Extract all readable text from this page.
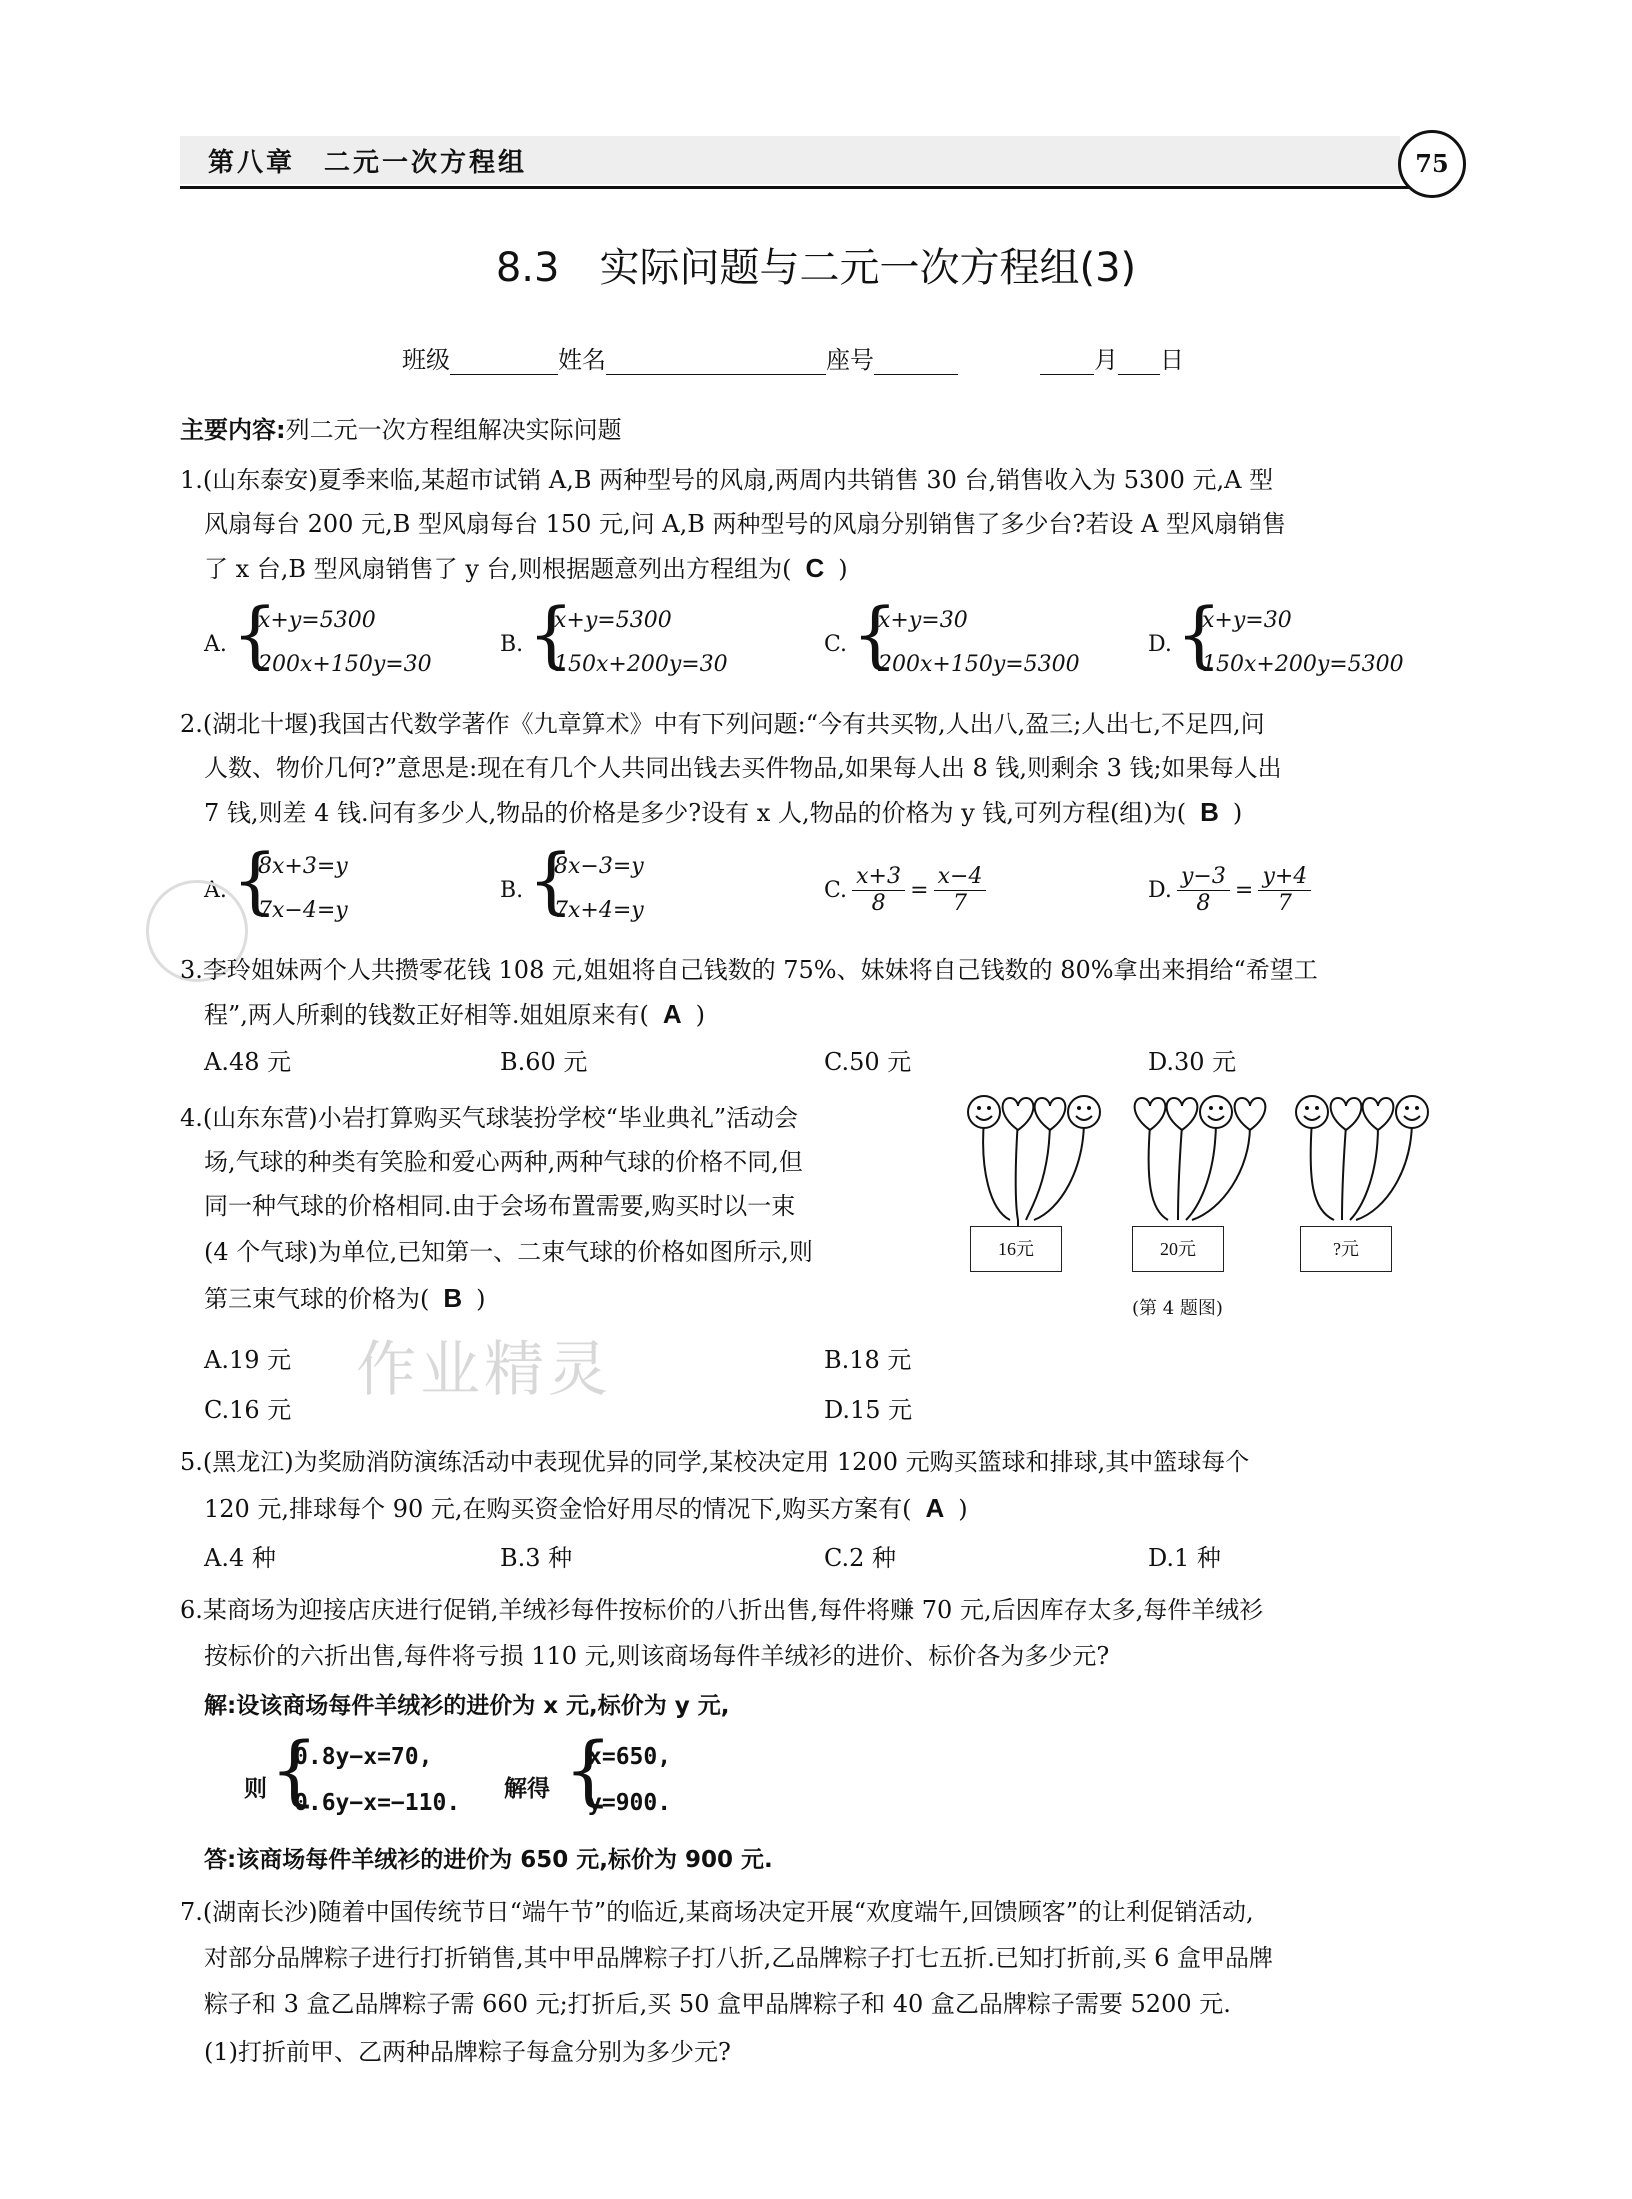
第八章　二元一次方程组	75
8.3　实际问题与二元一次方程组(3)
班级	姓名	座号	月 日
主要内容:列二元一次方程组解决实际问题
1.(山东泰安)夏季来临,某超市试销 A,B 两种型号的风扇,两周内共销售 30 台,销售收入为 5300 元,A 型
风扇每台 200 元,B 型风扇每台 150 元,问 A,B 两种型号的风扇分别销售了多少台?若设 A 型风扇销售
了 x 台,B 型风扇销售了 y 台,则根据题意列出方程组为( C )
A. {
x+y=5300
200x+150y=30
B. {
x+y=5300
150x+200y=30
C. {
x+y=30
200x+150y=5300
D. {
x+y=30
150x+200y=5300
2.(湖北十堰)我国古代数学著作《九章算术》中有下列问题:“今有共买物,人出八,盈三;人出七,不足四,问
人数、物价几何?”意思是:现在有几个人共同出钱去买件物品,如果每人出 8 钱,则剩余 3 钱;如果每人出
7 钱,则差 4 钱.问有多少人,物品的价格是多少?设有 x 人,物品的价格为 y 钱,可列方程(组)为( B )
A. {
8x+3=y
7x−4=y
B. {
8x−3=y
7x+4=y
C. $\frac{x+3}{8} = \frac{x-4}{7}$	D. $\frac{y-3}{8} = \frac{y+4}{7}$
3.李玲姐妹两个人共攒零花钱 108 元,姐姐将自己钱数的 75%、妹妹将自己钱数的 80%拿出来捐给“希望工
程”,两人所剩的钱数正好相等.姐姐原来有( A )
A.48 元	B.60 元	C.50 元	D.30 元
4.(山东东营)小岩打算购买气球装扮学校“毕业典礼”活动会
场,气球的种类有笑脸和爱心两种,两种气球的价格不同,但
同一种气球的价格相同.由于会场布置需要,购买时以一束
(4 个气球)为单位,已知第一、二束气球的价格如图所示,则
第三束气球的价格为( B )
16元	20元	?元
(第 4 题图)
A.19 元	B.18 元
C.16 元	D.15 元
作业精灵
5.(黑龙江)为奖励消防演练活动中表现优异的同学,某校决定用 1200 元购买篮球和排球,其中篮球每个
120 元,排球每个 90 元,在购买资金恰好用尽的情况下,购买方案有( A )
A.4 种	B.3 种	C.2 种	D.1 种
6.某商场为迎接店庆进行促销,羊绒衫每件按标价的八折出售,每件将赚 70 元,后因库存太多,每件羊绒衫
按标价的六折出售,每件将亏损 110 元,则该商场每件羊绒衫的进价、标价各为多少元?
解:设该商场每件羊绒衫的进价为 x 元,标价为 y 元,
则 {
0.8y−x=70,
0.6y−x=−110.
解得 {
x=650,
y=900.
答:该商场每件羊绒衫的进价为 650 元,标价为 900 元.
7.(湖南长沙)随着中国传统节日“端午节”的临近,某商场决定开展“欢度端午,回馈顾客”的让利促销活动,
对部分品牌粽子进行打折销售,其中甲品牌粽子打八折,乙品牌粽子打七五折.已知打折前,买 6 盒甲品牌
粽子和 3 盒乙品牌粽子需 660 元;打折后,买 50 盒甲品牌粽子和 40 盒乙品牌粽子需要 5200 元.
(1)打折前甲、乙两种品牌粽子每盒分别为多少元?
